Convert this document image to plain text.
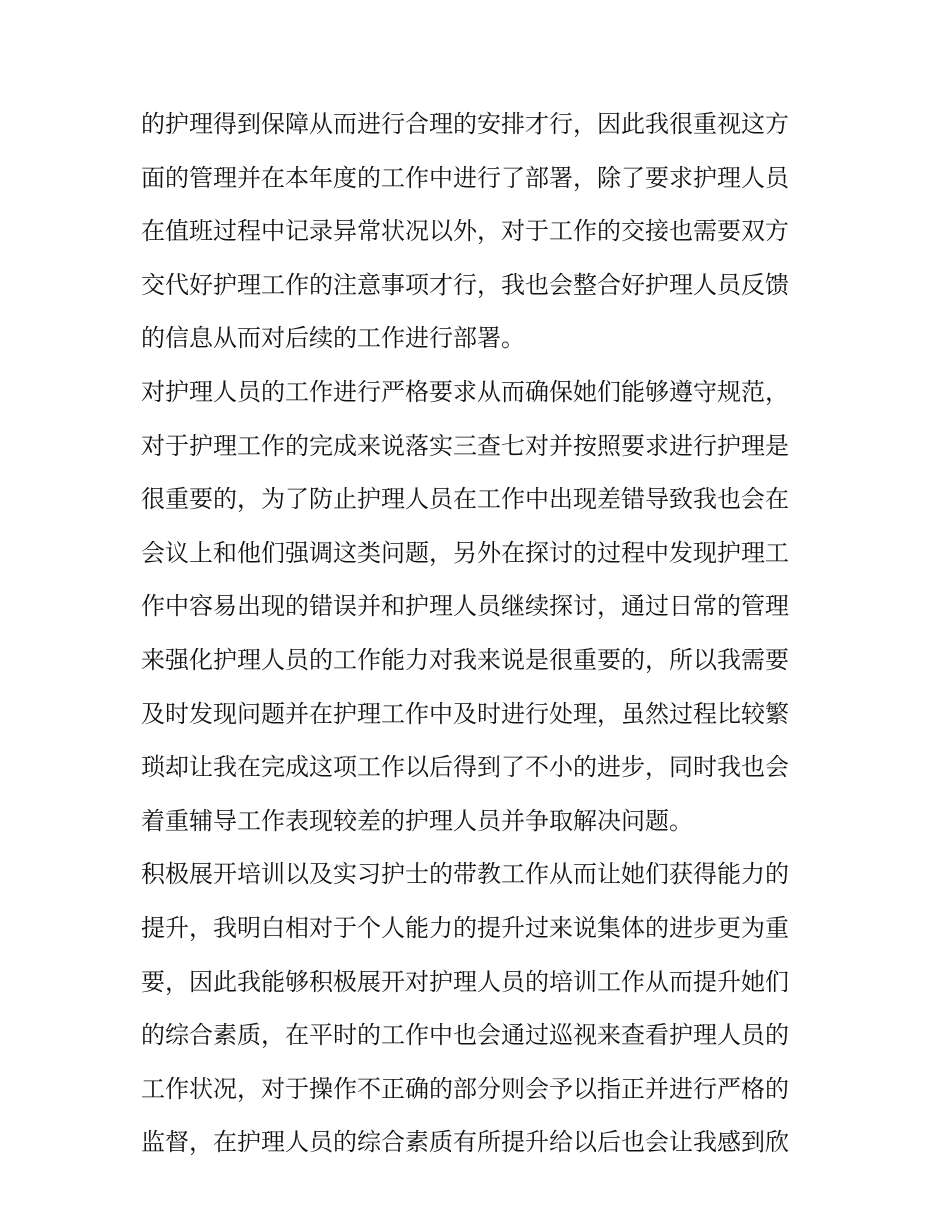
的护理得到保障从而进行合理的安排才行，因此我很重视这方
面的管理并在本年度的工作中进行了部署，除了要求护理人员
在值班过程中记录异常状况以外，对于工作的交接也需要双方
交代好护理工作的注意事项才行，我也会整合好护理人员反馈
的信息从而对后续的工作进行部署。
对护理人员的工作进行严格要求从而确保她们能够遵守规范，
对于护理工作的完成来说落实三查七对并按照要求进行护理是
很重要的，为了防止护理人员在工作中出现差错导致我也会在
会议上和他们强调这类问题，另外在探讨的过程中发现护理工
作中容易出现的错误并和护理人员继续探讨，通过日常的管理
来强化护理人员的工作能力对我来说是很重要的，所以我需要
及时发现问题并在护理工作中及时进行处理，虽然过程比较繁
琐却让我在完成这项工作以后得到了不小的进步，同时我也会
着重辅导工作表现较差的护理人员并争取解决问题。
积极展开培训以及实习护士的带教工作从而让她们获得能力的
提升，我明白相对于个人能力的提升过来说集体的进步更为重
要，因此我能够积极展开对护理人员的培训工作从而提升她们
的综合素质，在平时的工作中也会通过巡视来查看护理人员的
工作状况，对于操作不正确的部分则会予以指正并进行严格的
监督，在护理人员的综合素质有所提升给以后也会让我感到欣
